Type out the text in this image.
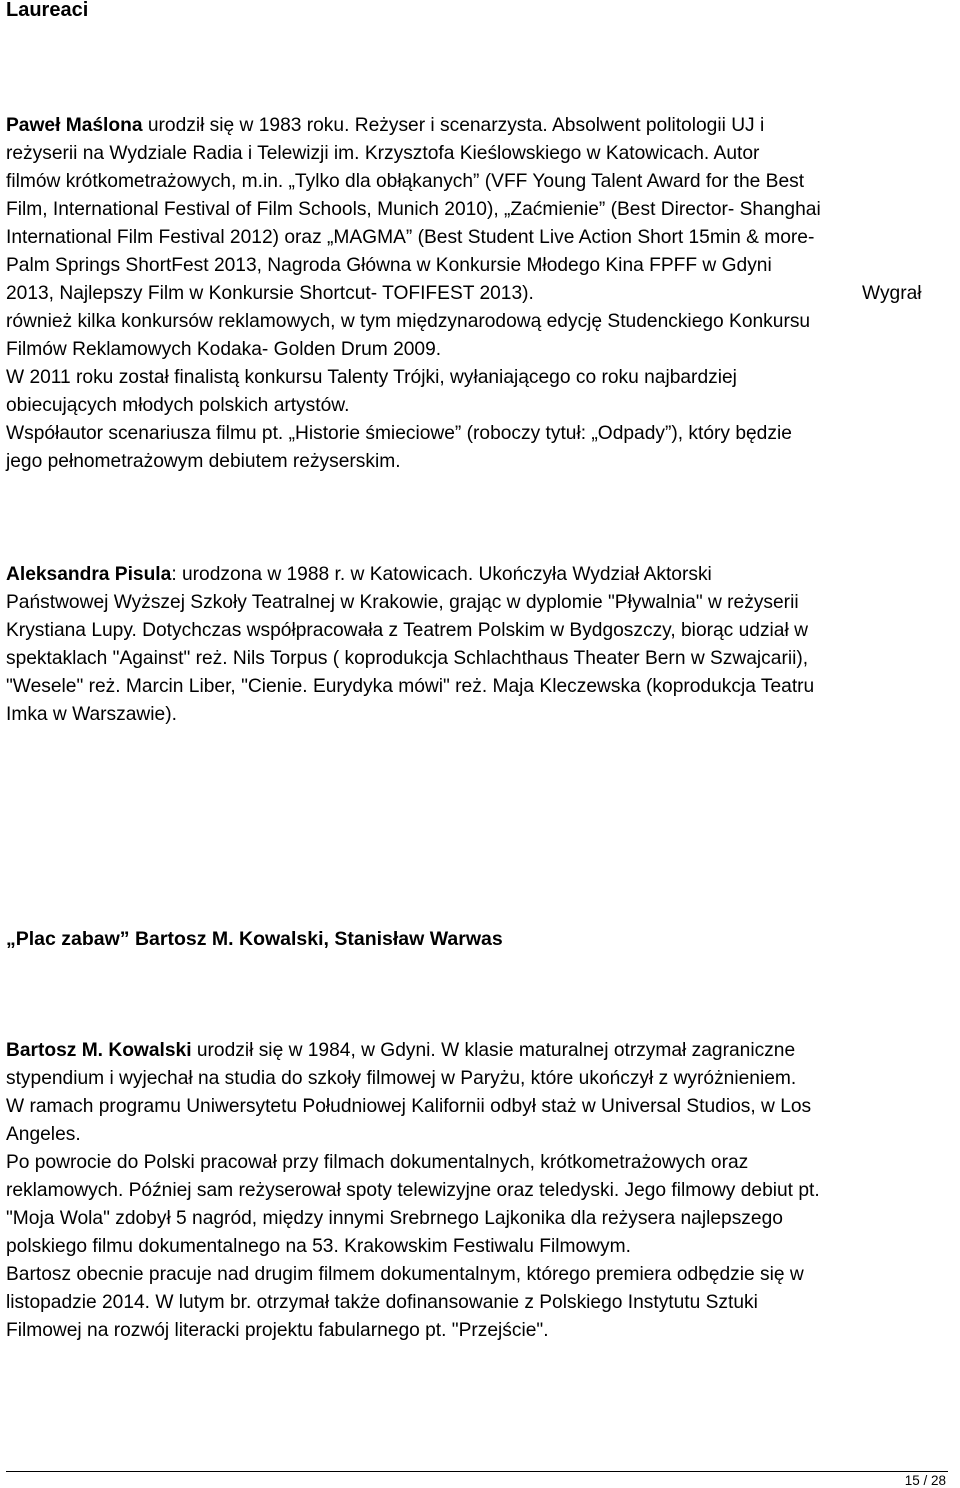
Laureaci
Paweł Maślona urodził się w 1983 roku. Reżyser i scenarzysta. Absolwent politologii UJ i
reżyserii na Wydziale Radia i Telewizji im. Krzysztofa Kieślowskiego w Katowicach. Autor
filmów krótkometrażowych, m.in. „Tylko dla obłąkanych” (VFF Young Talent Award for the Best
Film, International Festival of Film Schools, Munich 2010), „Zaćmienie” (Best Director- Shanghai
International Film Festival 2012) oraz „MAGMA” (Best Student Live Action Short 15min & more-
Palm Springs ShortFest 2013, Nagroda Główna w Konkursie Młodego Kina FPFF w Gdyni
2013, Najlepszy Film w Konkursie Shortcut- TOFIFEST 2013).	Wygrał
również kilka konkursów reklamowych, w tym międzynarodową edycję Studenckiego Konkursu
Filmów Reklamowych Kodaka- Golden Drum 2009.
W 2011 roku został finalistą konkursu Talenty Trójki, wyłaniającego co roku najbardziej
obiecujących młodych polskich artystów.
Współautor scenariusza filmu pt. „Historie śmieciowe” (roboczy tytuł: „Odpady”), który będzie
jego pełnometrażowym debiutem reżyserskim.
Aleksandra Pisula: urodzona w 1988 r. w Katowicach. Ukończyła Wydział Aktorski
Państwowej Wyższej Szkoły Teatralnej w Krakowie, grając w dyplomie "Pływalnia" w reżyserii
Krystiana Lupy. Dotychczas współpracowała z Teatrem Polskim w Bydgoszczy, biorąc udział w
spektaklach "Against" reż. Nils Torpus ( koprodukcja Schlachthaus Theater Bern w Szwajcarii),
"Wesele" reż. Marcin Liber, "Cienie. Eurydyka mówi" reż. Maja Kleczewska (koprodukcja Teatru
Imka w Warszawie).
Bartosz M. Kowalski urodził się w 1984, w Gdyni. W klasie maturalnej otrzymał zagraniczne
stypendium i wyjechał na studia do szkoły filmowej w Paryżu, które ukończył z wyróżnieniem.
W ramach programu Uniwersytetu Południowej Kalifornii odbył staż w Universal Studios, w Los
Angeles.
Po powrocie do Polski pracował przy filmach dokumentalnych, krótkometrażowych oraz
reklamowych. Później sam reżyserował spoty telewizyjne oraz teledyski. Jego filmowy debiut pt.
"Moja Wola" zdobył 5 nagród, między innymi Srebrnego Lajkonika dla reżysera najlepszego
polskiego filmu dokumentalnego na 53. Krakowskim Festiwalu Filmowym.
Bartosz obecnie pracuje nad drugim filmem dokumentalnym, którego premiera odbędzie się w
listopadzie 2014. W lutym br. otrzymał także dofinansowanie z Polskiego Instytutu Sztuki
Filmowej na rozwój literacki projektu fabularnego pt. "Przejście".
„Plac zabaw” Bartosz M. Kowalski, Stanisław Warwas
15 / 28
